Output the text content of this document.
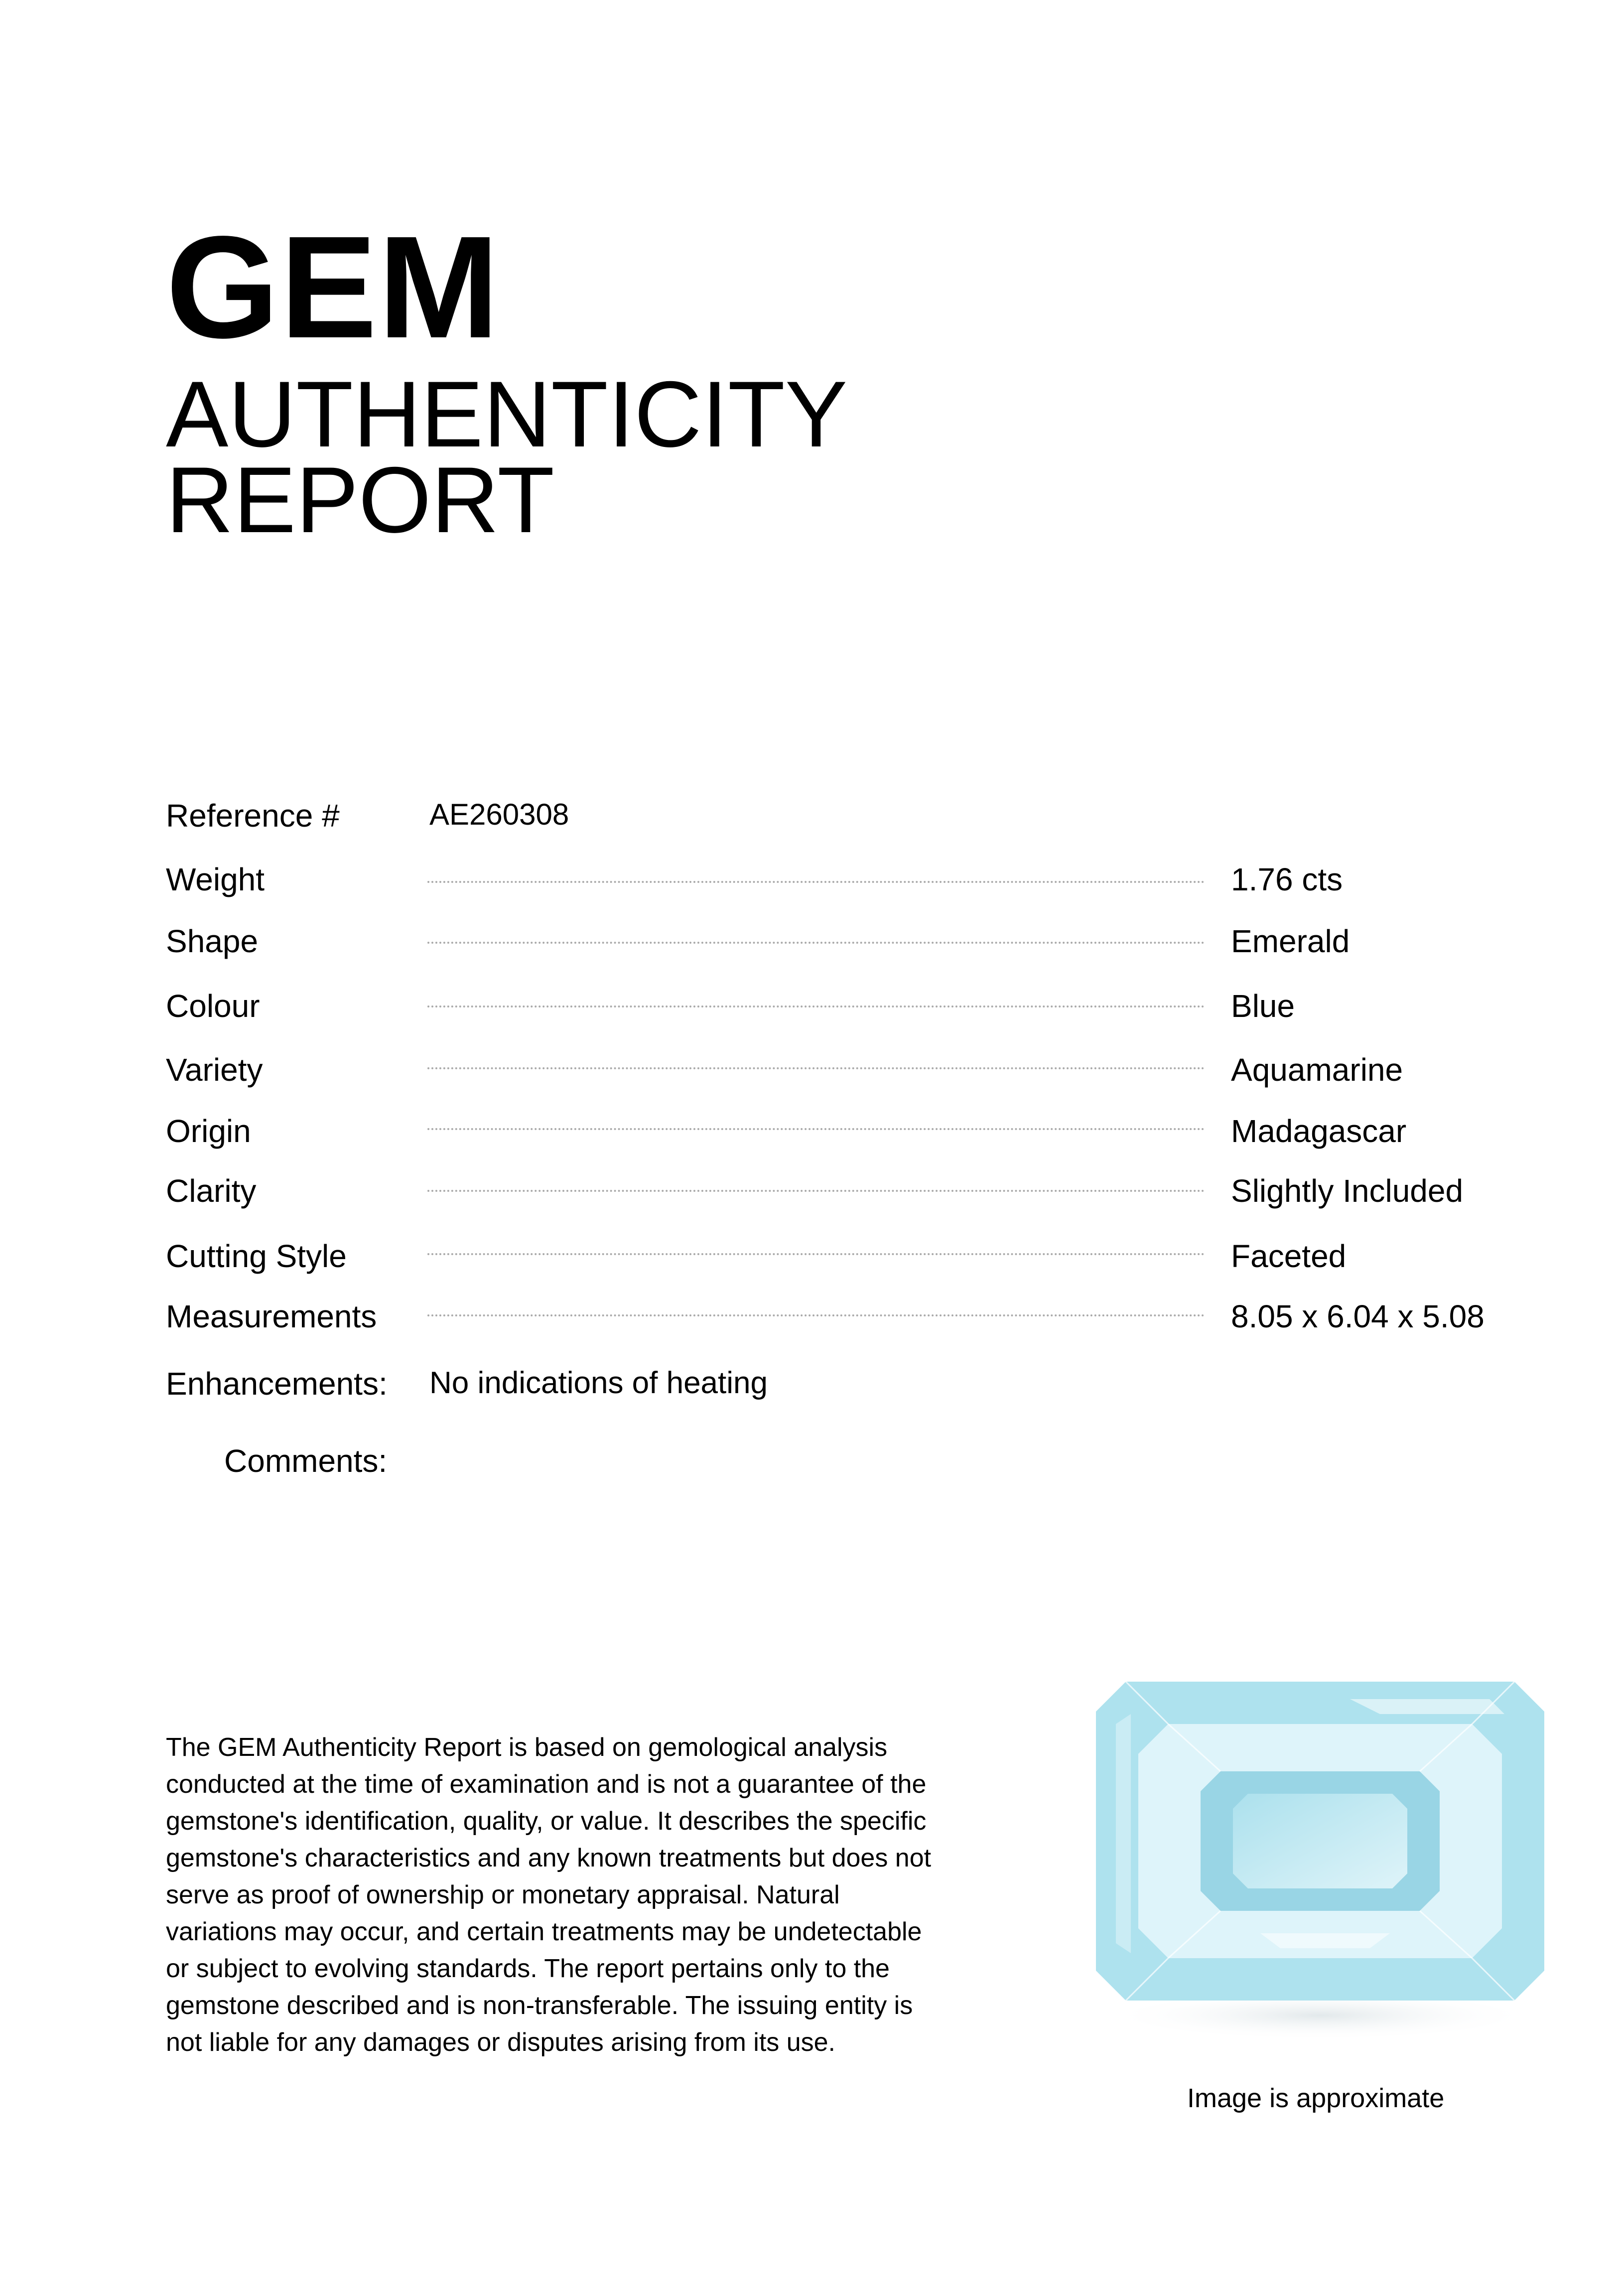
GEM
AUTHENTICITY
REPORT
Reference #	AE260308
Weight	1.76 cts
Shape	Emerald
Colour	Blue
Variety	Aquamarine
Origin	Madagascar
Clarity	Slightly Included
Cutting Style	Faceted
Measurements	8.05 x 6.04 x 5.08
Enhancements: No indications of heating
Comments:
The GEM Authenticity Report is based on gemological analysis
conducted at the time of examination and is not a guarantee of the
gemstone's identification, quality, or value. It describes the specific
gemstone's characteristics and any known treatments but does not
serve as proof of ownership or monetary appraisal. Natural
variations may occur, and certain treatments may be undetectable
or subject to evolving standards. The report pertains only to the
gemstone described and is non-transferable. The issuing entity is
not liable for any damages or disputes arising from its use.
Image is approximate
